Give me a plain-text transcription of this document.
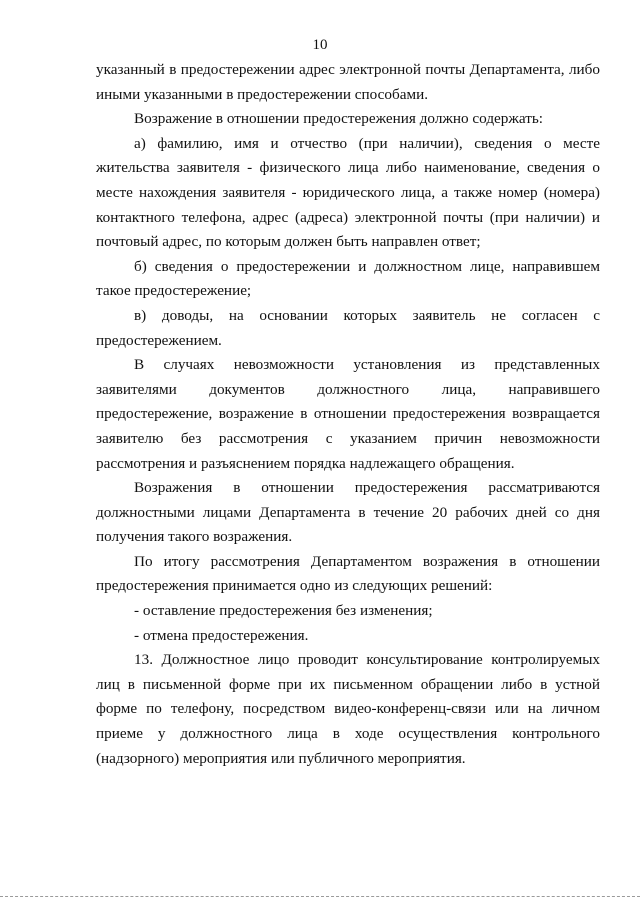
10

указанный в предостережении адрес электронной почты Департамента, либо иными указанными в предостережении способами.

Возражение в отношении предостережения должно содержать:

а) фамилию, имя и отчество (при наличии), сведения о месте жительства заявителя - физического лица либо наименование, сведения о месте нахождения заявителя - юридического лица, а также номер (номера) контактного телефона, адрес (адреса) электронной почты (при наличии) и почтовый адрес, по которым должен быть направлен ответ;

б) сведения о предостережении и должностном лице, направившем такое предостережение;

в) доводы, на основании которых заявитель не согласен с предостережением.

В случаях невозможности установления из представленных заявителями документов должностного лица, направившего предостережение, возражение в отношении предостережения возвращается заявителю без рассмотрения с указанием причин невозможности рассмотрения и разъяснением порядка надлежащего обращения.

Возражения в отношении предостережения рассматриваются должностными лицами Департамента в течение 20 рабочих дней со дня получения такого возражения.

По итогу рассмотрения Департаментом возражения в отношении предостережения принимается одно из следующих решений:

- оставление предостережения без изменения;

- отмена предостережения.

13. Должностное лицо проводит консультирование контролируемых лиц в письменной форме при их письменном обращении либо в устной форме по телефону, посредством видео-конференц-связи или на личном приеме у должностного лица в ходе осуществления контрольного (надзорного) мероприятия или публичного мероприятия.
